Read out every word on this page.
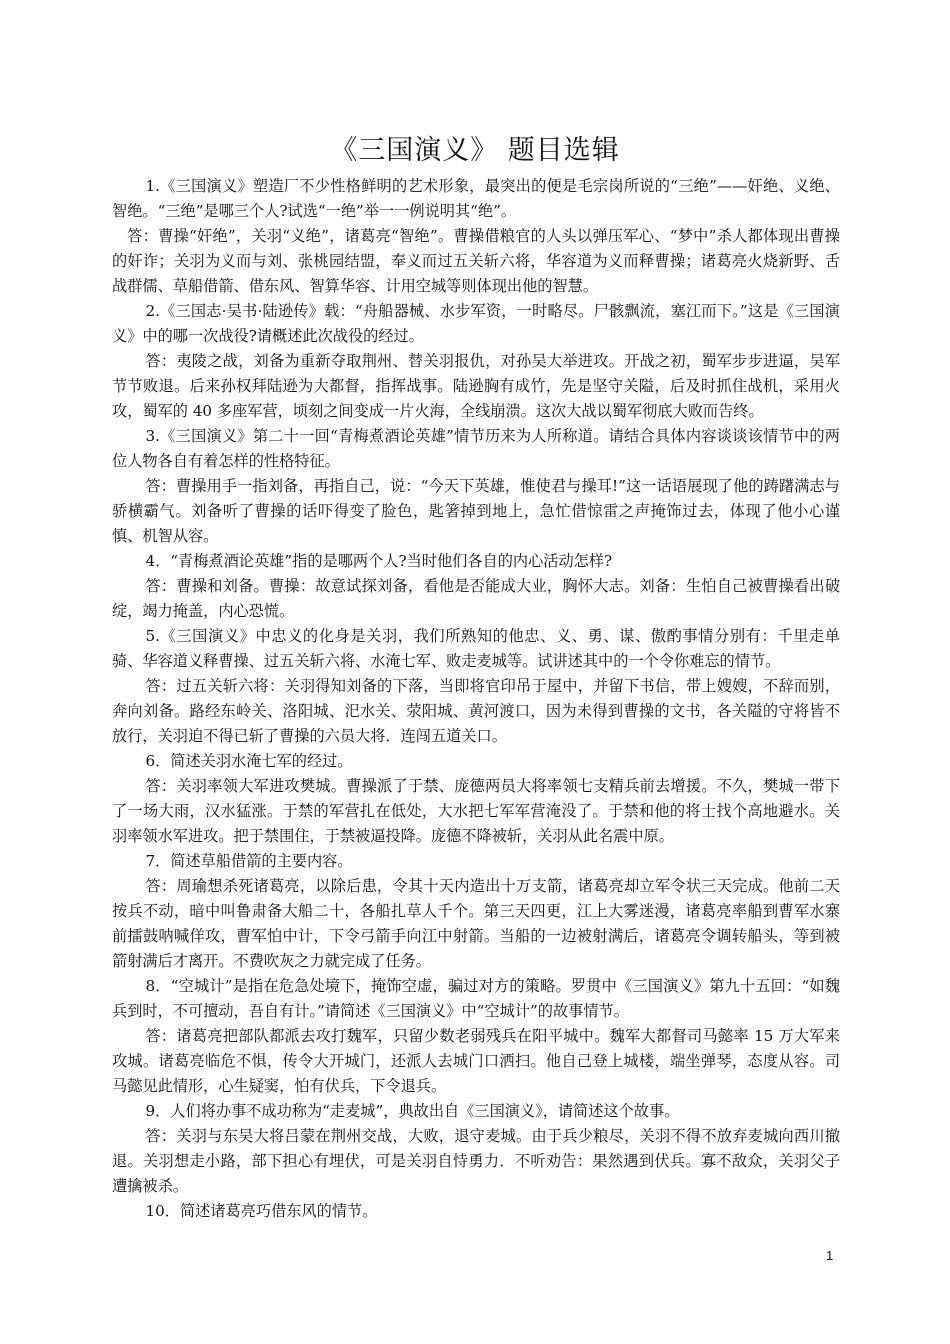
《三国演义》 题目选辑

1.《三国演义》塑造厂不少性格鲜明的艺术形象，最突出的便是毛宗岗所说的“三绝”——奸绝、义绝、智绝。“三绝”是哪三个人?试选“一绝”举一一例说明其“绝”。

答：曹操“奸绝”，关羽“义绝”，诸葛亮“智绝”。曹操借粮官的人头以弹压军心、“梦中”杀人都体现出曹操的奸诈；关羽为义而与刘、张桃园结盟，奉义而过五关斩六将，华容道为义而释曹操；诸葛亮火烧新野、舌战群儒、草船借箭、借东风、智算华容、计用空城等则体现出他的智慧。

2.《三国志·吴书·陆逊传》载：“舟船器械、水步军资，一时略尽。尸骸飘流，塞江而下。”这是《三国演义》中的哪一次战役?请概述此次战役的经过。

答：夷陵之战，刘备为重新夺取荆州、替关羽报仇，对孙吴大举进攻。开战之初，蜀军步步进逼，吴军节节败退。后来孙权拜陆逊为大都督，指挥战事。陆逊胸有成竹，先是坚守关隘，后及时抓住战机，采用火攻，蜀军的 40 多座军营，顷刻之间变成一片火海，全线崩溃。这次大战以蜀军彻底大败而告终。

3.《三国演义》第二十一回“青梅煮酒论英雄”情节历来为人所称道。请结合具体内容谈谈该情节中的两位人物各自有着怎样的性格特征。

答：曹操用手一指刘备，再指自己，说：“今天下英雄，惟使君与操耳!”这一话语展现了他的踌躇满志与骄横霸气。刘备听了曹操的话吓得变了脸色，匙箸掉到地上，急忙借惊雷之声掩饰过去，体现了他小心谨慎、机智从容。

4．“青梅煮酒论英雄”指的是哪两个人?当时他们各自的内心活动怎样?

答：曹操和刘备。曹操：故意试探刘备，看他是否能成大业，胸怀大志。刘备：生怕自己被曹操看出破绽，竭力掩盖，内心恐慌。

5.《三国演义》中忠义的化身是关羽，我们所熟知的他忠、义、勇、谋、傲酌事情分别有：千里走单骑、华容道义释曹操、过五关斩六将、水淹七军、败走麦城等。试讲述其中的一个令你难忘的情节。

答：过五关斩六将：关羽得知刘备的下落，当即将官印吊于屋中，并留下书信，带上嫂嫂，不辞而别，奔向刘备。路经东岭关、洛阳城、汜水关、荥阳城、黄河渡口，因为未得到曹操的文书，各关隘的守将皆不放行，关羽迫不得已斩了曹操的六员大将．连闯五道关口。

6．简述关羽水淹七军的经过。

答：关羽率领大军进攻樊城。曹操派了于禁、庞德两员大将率领七支精兵前去增援。不久，樊城一带下了一场大雨，汉水猛涨。于禁的军营扎在低处，大水把七军军营淹没了。于禁和他的将士找个高地避水。关羽率领水军进攻。把于禁围住，于禁被逼投降。庞德不降被斩，关羽从此名震中原。

7．简述草船借箭的主要内容。

答：周瑜想杀死诸葛亮，以除后患，令其十天内造出十万支箭，诸葛亮却立军令状三天完成。他前二天按兵不动，暗中叫鲁肃备大船二十，各船扎草人千个。第三天四更，江上大雾迷漫，诸葛亮率船到曹军水寨前擂鼓呐喊佯攻，曹军怕中计，下令弓箭手向江中射箭。当船的一边被射满后，诸葛亮令调转船头，等到被箭射满后才离开。不费吹灰之力就完成了任务。

8．“空城计”是指在危急处境下，掩饰空虚，骗过对方的策略。罗贯中《三国演义》第九十五回：“如魏兵到时，不可擅动，吾自有计。”请简述《三国演义》中“空城计”的故事情节。

答：诸葛亮把部队都派去攻打魏军，只留少数老弱残兵在阳平城中。魏军大都督司马懿率 15 万大军来攻城。诸葛亮临危不惧，传令大开城门，还派人去城门口洒扫。他自己登上城楼，端坐弹琴，态度从容。司马懿见此情形，心生疑窦，怕有伏兵，下令退兵。

9．人们将办事不成功称为“走麦城”，典故出自《三国演义》，请简述这个故事。

答：关羽与东吴大将吕蒙在荆州交战，大败，退守麦城。由于兵少粮尽，关羽不得不放弃麦城向西川撤退。关羽想走小路，部下担心有埋伏，可是关羽自恃勇力．不听劝告：果然遇到伏兵。寡不敌众，关羽父子遭擒被杀。

10．简述诸葛亮巧借东风的情节。

1
